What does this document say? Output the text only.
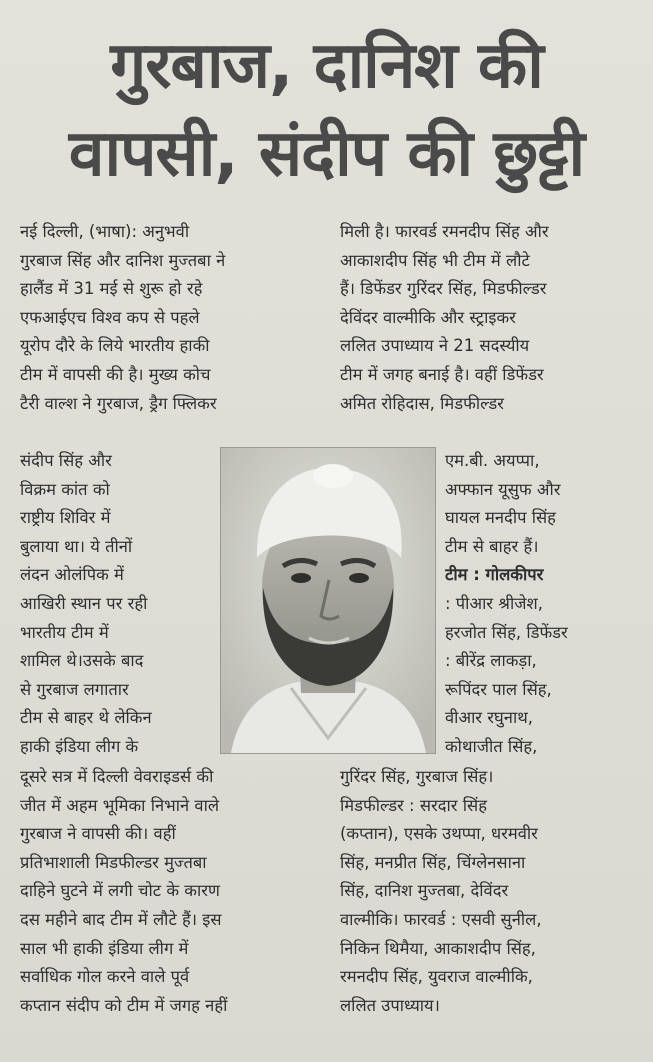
गुरबाज, दानिश की
वापसी, संदीप की छुट्टी
नई दिल्ली, (भाषा): अनुभवी
गुरबाज सिंह और दानिश मुज्तबा ने
हालैंड में 31 मई से शुरू हो रहे
एफआईएच विश्व कप से पहले
यूरोप दौरे के लिये भारतीय हाकी
टीम में वापसी की है। मुख्य कोच
टैरी वाल्श ने गुरबाज, ड्रैग फ्लिकर
संदीप सिंह और
विक्रम कांत को
राष्ट्रीय शिविर में
बुलाया था। ये तीनों
लंदन ओलंपिक में
आखिरी स्थान पर रही
भारतीय टीम में
शामिल थे।उसके बाद
से गुरबाज लगातार
टीम से बाहर थे लेकिन
हाकी इंडिया लीग के
दूसरे सत्र में दिल्ली वेवराइडर्स की
जीत में अहम भूमिका निभाने वाले
गुरबाज ने वापसी की। वहीं
प्रतिभाशाली मिडफील्डर मुज्तबा
दाहिने घुटने में लगी चोट के कारण
दस महीने बाद टीम में लौटे हैं। इस
साल भी हाकी इंडिया लीग में
सर्वाधिक गोल करने वाले पूर्व
कप्तान संदीप को टीम में जगह नहीं
मिली है। फारवर्ड रमनदीप सिंह और
आकाशदीप सिंह भी टीम में लौटे
हैं। डिफेंडर गुरिंदर सिंह, मिडफील्डर
देविंदर वाल्मीकि और स्ट्राइकर
ललित उपाध्याय ने 21 सदस्यीय
टीम में जगह बनाई है। वहीं डिफेंडर
अमित रोहिदास, मिडफील्डर
एम.बी. अयप्पा,
अफ्फान यूसुफ और
घायल मनदीप सिंह
टीम से बाहर हैं।
टीम : गोलकीपर
: पीआर श्रीजेश,
हरजोत सिंह, डिफेंडर
: बीरेंद्र लाकड़ा,
रूपिंदर पाल सिंह,
वीआर रघुनाथ,
कोथाजीत सिंह,
गुरिंदर सिंह, गुरबाज सिंह।
मिडफील्डर : सरदार सिंह
(कप्तान), एसके उथप्पा, धरमवीर
सिंह, मनप्रीत सिंह, चिंग्लेनसाना
सिंह, दानिश मुज्तबा, देविंदर
वाल्मीकि। फारवर्ड : एसवी सुनील,
निकिन थिमैया, आकाशदीप सिंह,
रमनदीप सिंह, युवराज वाल्मीकि,
ललित उपाध्याय।
